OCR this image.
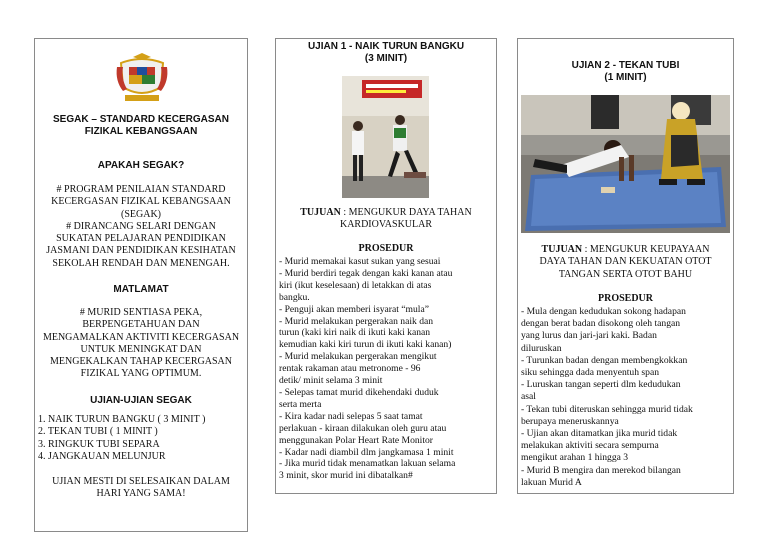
SEGAK – STANDARD KECERGASAN
FIZIKAL KEBANGSAAN
APAKAH SEGAK?
# PROGRAM PENILAIAN STANDARD
KECERGASAN FIZIKAL KEBANGSAAN
(SEGAK)
# DIRANCANG SELARI DENGAN
SUKATAN PELAJARAN PENDIDIKAN
JASMANI DAN PENDIDIKAN KESIHATAN
SEKOLAH RENDAH DAN MENENGAH.
MATLAMAT
# MURID SENTIASA PEKA,
BERPENGETAHUAN DAN
MENGAMALKAN AKTIVITI KECERGASAN
UNTUK MENINGKAT DAN
MENGEKALKAN TAHAP KECERGASAN
FIZIKAL YANG OPTIMUM.
UJIAN-UJIAN SEGAK
1. NAIK TURUN BANGKU ( 3 MINIT )
2. TEKAN TUBI ( 1 MINIT )
3. RINGKUK TUBI SEPARA
4. JANGKAUAN MELUNJUR
UJIAN MESTI DI SELESAIKAN DALAM
HARI YANG SAMA!
UJIAN 1 - NAIK TURUN BANGKU
(3 MINIT)
TUJUAN : MENGUKUR DAYA TAHAN
KARDIOVASKULAR
PROSEDUR
- Murid memakai kasut sukan yang sesuai
- Murid berdiri tegak dengan kaki kanan atau
kiri (ikut keselesaan) di letakkan di atas
bangku.
- Penguji akan memberi isyarat “mula”
- Murid melakukan pergerakan naik dan
turun (kaki kiri naik di ikuti kaki kanan
kemudian kaki kiri turun di ikuti kaki kanan)
- Murid melakukan pergerakan mengikut
rentak rakaman atau metronome - 96
detik/ minit selama 3 minit
- Selepas tamat murid dikehendaki duduk
serta merta
- Kira kadar nadi selepas 5 saat tamat
perlakuan - kiraan dilakukan oleh guru atau
menggunakan Polar Heart Rate Monitor
- Kadar nadi diambil dlm jangkamasa 1 minit
- Jika murid tidak menamatkan lakuan selama
3 minit, skor murid ini dibatalkan#
UJIAN 2 - TEKAN TUBI
(1 MINIT)
TUJUAN : MENGUKUR KEUPAYAAN
DAYA TAHAN DAN KEKUATAN OTOT
TANGAN SERTA OTOT BAHU
PROSEDUR
- Mula dengan kedudukan sokong hadapan
dengan berat badan disokong oleh tangan
yang lurus dan jari-jari kaki. Badan
diluruskan
- Turunkan badan dengan membengkokkan
siku sehingga dada menyentuh span
- Luruskan tangan seperti dlm kedudukan
asal
- Tekan tubi diteruskan sehingga murid tidak
berupaya meneruskannya
- Ujian akan ditamatkan jika murid tidak
melakukan aktiviti secara sempurna
mengikut arahan 1 hingga 3
- Murid B mengira dan merekod bilangan
lakuan Murid A
